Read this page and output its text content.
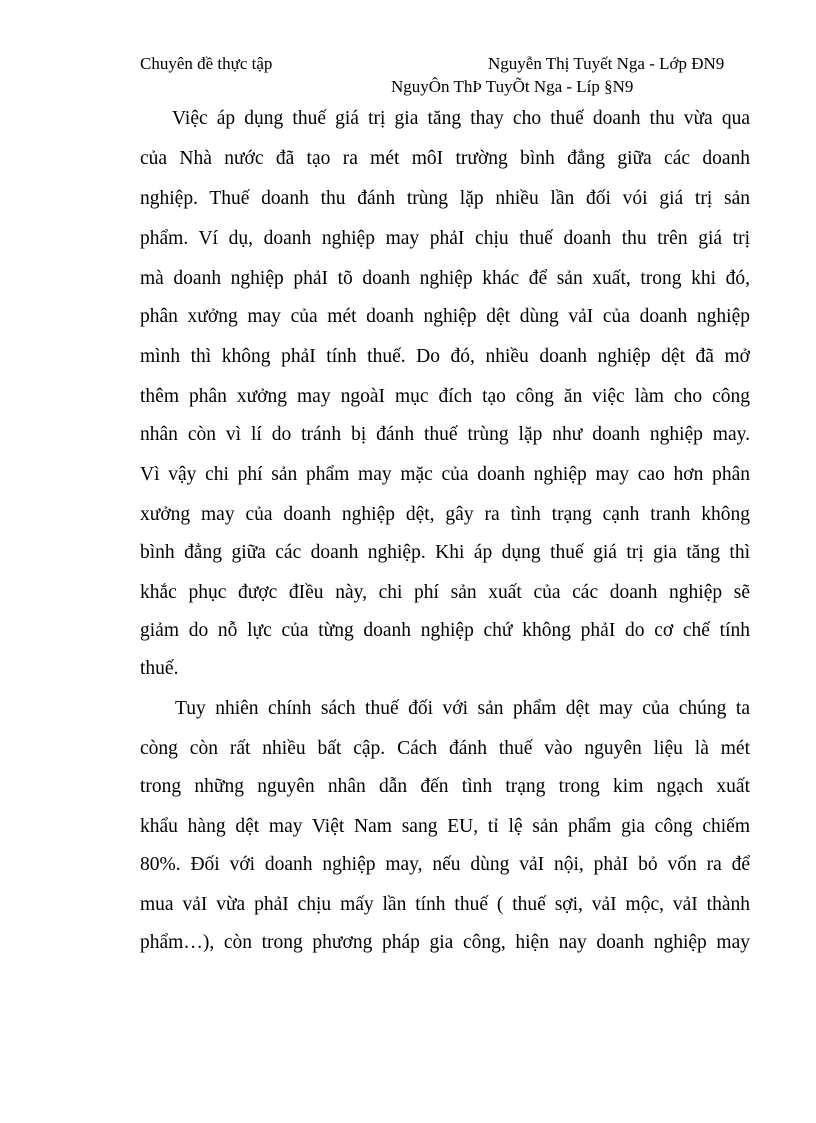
Chuyên đề thực tập	Nguyễn Thị Tuyết Nga - Lớp ĐN9
NguyÔn ThÞ TuyÕt Nga - Líp §N9
Việc áp dụng thuế giá trị gia tăng thay cho thuế doanh thu vừa qua
của Nhà nước đã tạo ra mét môI trường bình đẳng giữa các doanh
nghiệp. Thuế doanh thu đánh trùng lặp nhiều lần đối vói giá trị sản
phẩm. Ví dụ, doanh nghiệp may phảI chịu thuế doanh thu trên giá trị
mà doanh nghiệp phảI tõ doanh nghiệp khác để sản xuất, trong khi đó,
phân xưởng may của mét doanh nghiệp dệt dùng vảI của doanh nghiệp
mình thì không phảI tính thuế. Do đó, nhiều doanh nghiệp dệt đã mở
thêm phân xưởng may ngoàI mục đích tạo công ăn việc làm cho công
nhân còn vì lí do tránh bị đánh thuế trùng lặp như doanh nghiệp may.
Vì vậy chi phí sản phẩm may mặc của doanh nghiệp may cao hơn phân
xưởng may của doanh nghiệp dệt, gây ra tình trạng cạnh tranh không
bình đẳng giữa các doanh nghiệp. Khi áp dụng thuế giá trị gia tăng thì
khắc phục được đIều này, chi phí sản xuất của các doanh nghiệp sẽ
giảm do nỗ lực của từng doanh nghiệp chứ không phảI do cơ chế tính
thuế.
Tuy nhiên chính sách thuế đối với sản phẩm dệt may của chúng ta
còng còn rất nhiều bất cập. Cách đánh thuế vào nguyên liệu là mét
trong những nguyên nhân dẫn đến tình trạng trong kim ngạch xuất
khẩu hàng dệt may Việt Nam sang EU, tỉ lệ sản phẩm gia công chiếm
80%. Đối với doanh nghiệp may, nếu dùng vảI nội, phảI bỏ vốn ra để
mua vảI vừa phảI chịu mấy lần tính thuế ( thuế sợi, vảI mộc, vảI thành
phẩm…), còn trong phương pháp gia công, hiện nay doanh nghiệp may
